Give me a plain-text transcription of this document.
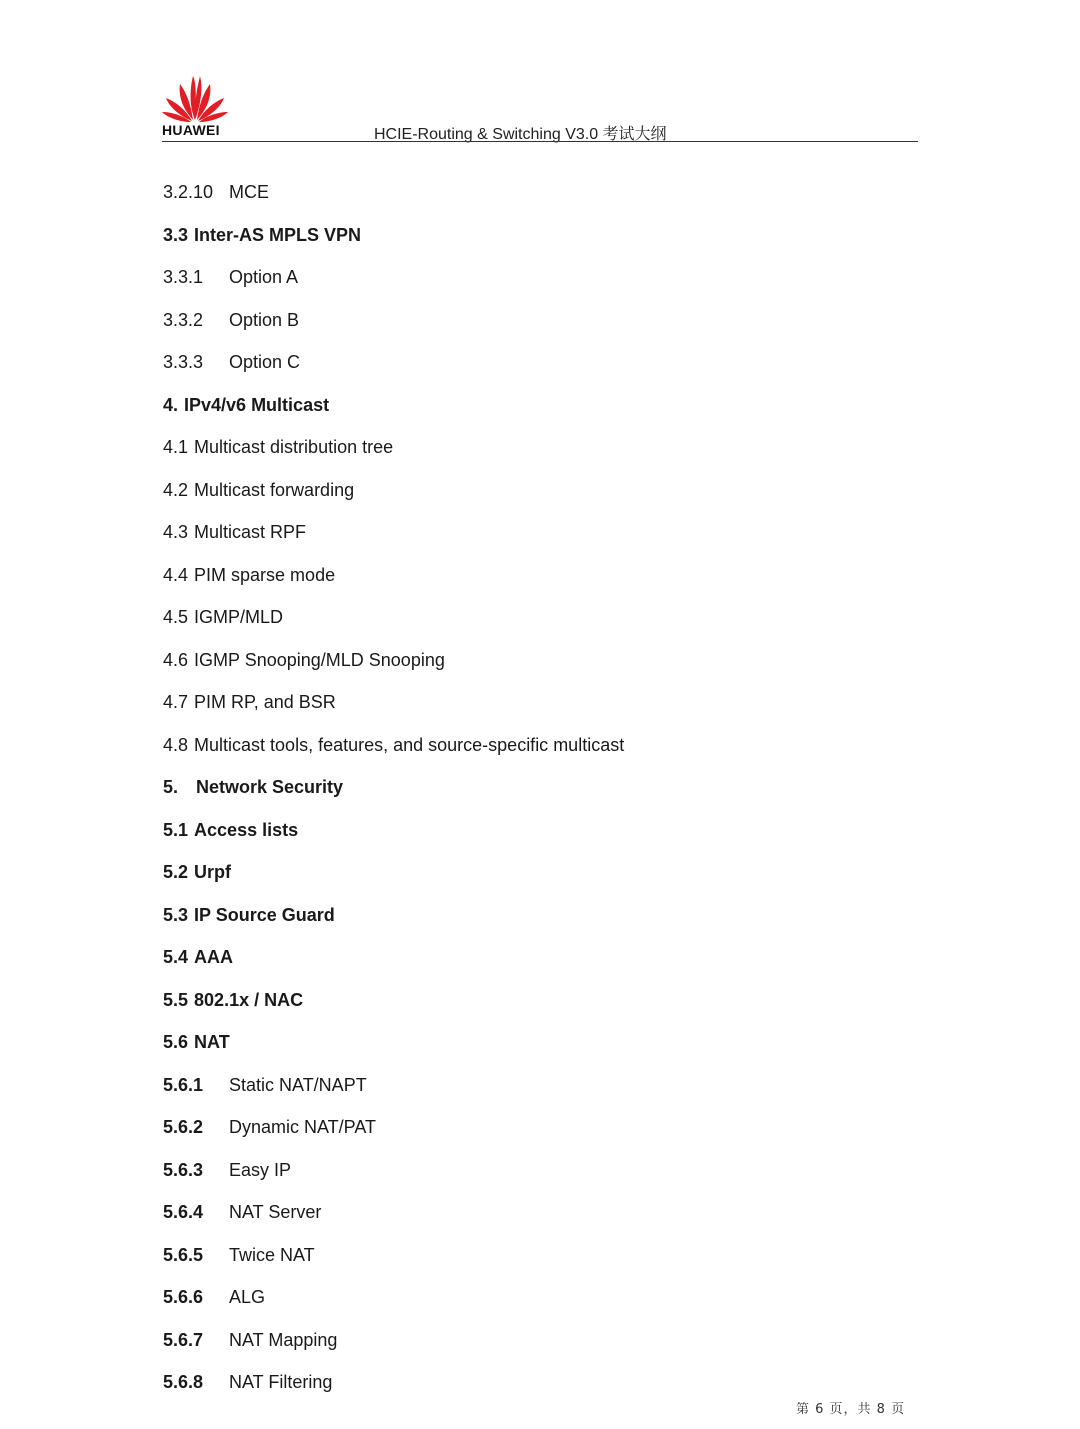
HUAWEI	HCIE-Routing & Switching V3.0 考试大纲
3.2.10 MCE
3.3 Inter-AS MPLS VPN
3.3.1 Option A
3.3.2 Option B
3.3.3 Option C
4. IPv4/v6 Multicast
4.1 Multicast distribution tree
4.2 Multicast forwarding
4.3 Multicast RPF
4.4 PIM sparse mode
4.5 IGMP/MLD
4.6 IGMP Snooping/MLD Snooping
4.7 PIM RP, and BSR
4.8 Multicast tools, features, and source-specific multicast
5. Network Security
5.1 Access lists
5.2 Urpf
5.3 IP Source Guard
5.4 AAA
5.5 802.1x / NAC
5.6 NAT
5.6.1 Static NAT/NAPT
5.6.2 Dynamic NAT/PAT
5.6.3 Easy IP
5.6.4 NAT Server
5.6.5 Twice NAT
5.6.6 ALG
5.6.7 NAT Mapping
5.6.8 NAT Filtering
第 6 页，共 8 页
